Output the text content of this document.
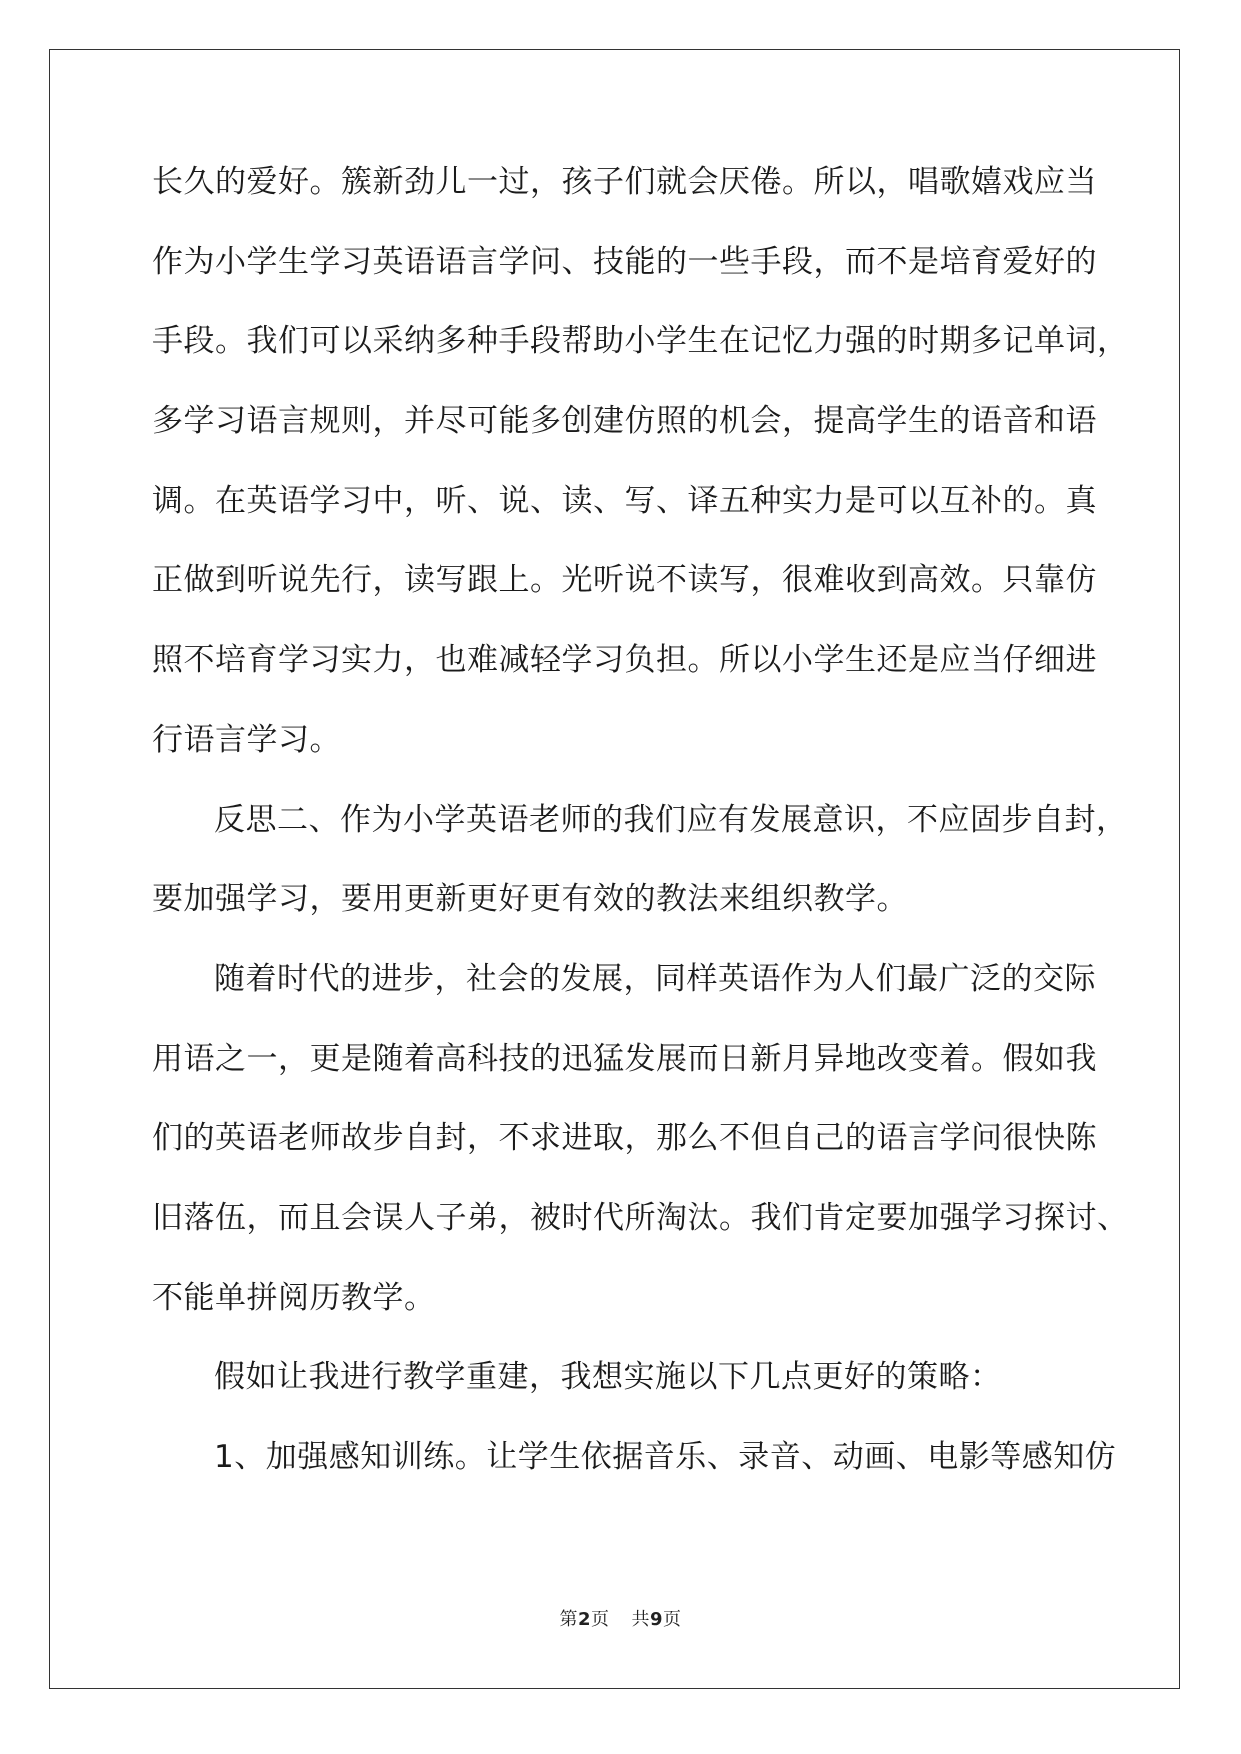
长久的爱好。簇新劲儿一过，孩子们就会厌倦。所以，唱歌嬉戏应当
作为小学生学习英语语言学问、技能的一些手段，而不是培育爱好的
手段。我们可以采纳多种手段帮助小学生在记忆力强的时期多记单词，
多学习语言规则，并尽可能多创建仿照的机会，提高学生的语音和语
调。在英语学习中，听、说、读、写、译五种实力是可以互补的。真
正做到听说先行，读写跟上。光听说不读写，很难收到高效。只靠仿
照不培育学习实力，也难减轻学习负担。所以小学生还是应当仔细进
行语言学习。
反思二、作为小学英语老师的我们应有发展意识，不应固步自封，
要加强学习，要用更新更好更有效的教法来组织教学。
随着时代的进步，社会的发展，同样英语作为人们最广泛的交际
用语之一，更是随着高科技的迅猛发展而日新月异地改变着。假如我
们的英语老师故步自封，不求进取，那么不但自己的语言学问很快陈
旧落伍，而且会误人子弟，被时代所淘汰。我们肯定要加强学习探讨、
不能单拼阅历教学。
假如让我进行教学重建，我想实施以下几点更好的策略：
1、加强感知训练。让学生依据音乐、录音、动画、电影等感知仿
第2页 共9页
